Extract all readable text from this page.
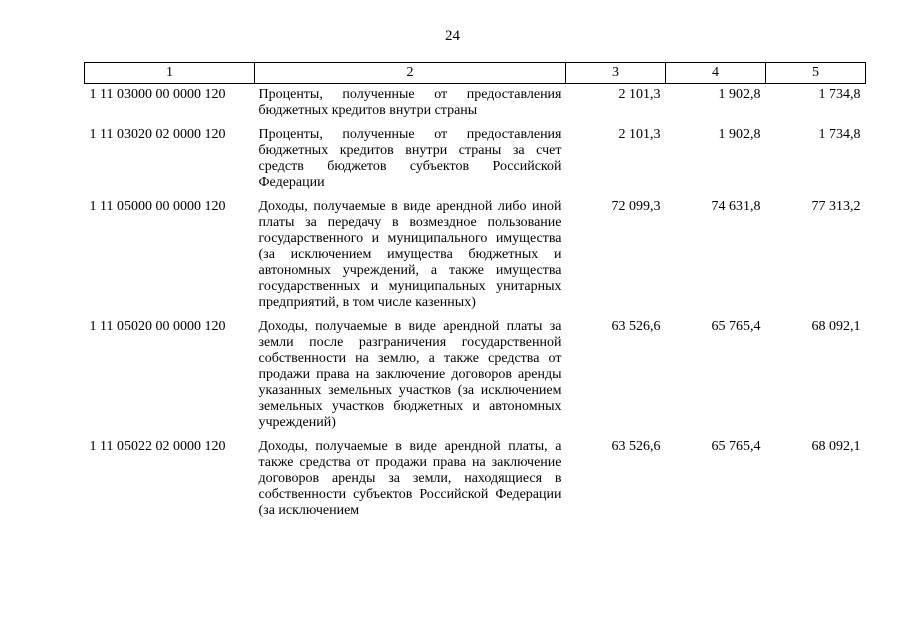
24
1	2	3	4	5
1 11 03000 00 0000 120	Проценты, полученные от предоставления бюджетных кредитов внутри страны	2 101,3	1 902,8	1 734,8
1 11 03020 02 0000 120	Проценты, полученные от предоставления бюджетных кредитов внутри страны за счет средств бюджетов субъектов Российской Федерации	2 101,3	1 902,8	1 734,8
1 11 05000 00 0000 120	Доходы, получаемые в виде арендной либо иной платы за передачу в возмездное пользование государственного и муниципального имущества (за исключением имущества бюджетных и автономных учреждений, а также имущества государственных и муниципальных унитарных предприятий, в том числе казенных)	72 099,3	74 631,8	77 313,2
1 11 05020 00 0000 120	Доходы, получаемые в виде арендной платы за земли после разграничения государственной собственности на землю, а также средства от продажи права на заключение договоров аренды указанных земельных участков (за исключением земельных участков бюджетных и автономных учреждений)	63 526,6	65 765,4	68 092,1
1 11 05022 02 0000 120	Доходы, получаемые в виде арендной платы, а также средства от продажи права на заключение договоров аренды за земли, находящиеся в собственности субъектов Российской Федерации (за исключением	63 526,6	65 765,4	68 092,1
